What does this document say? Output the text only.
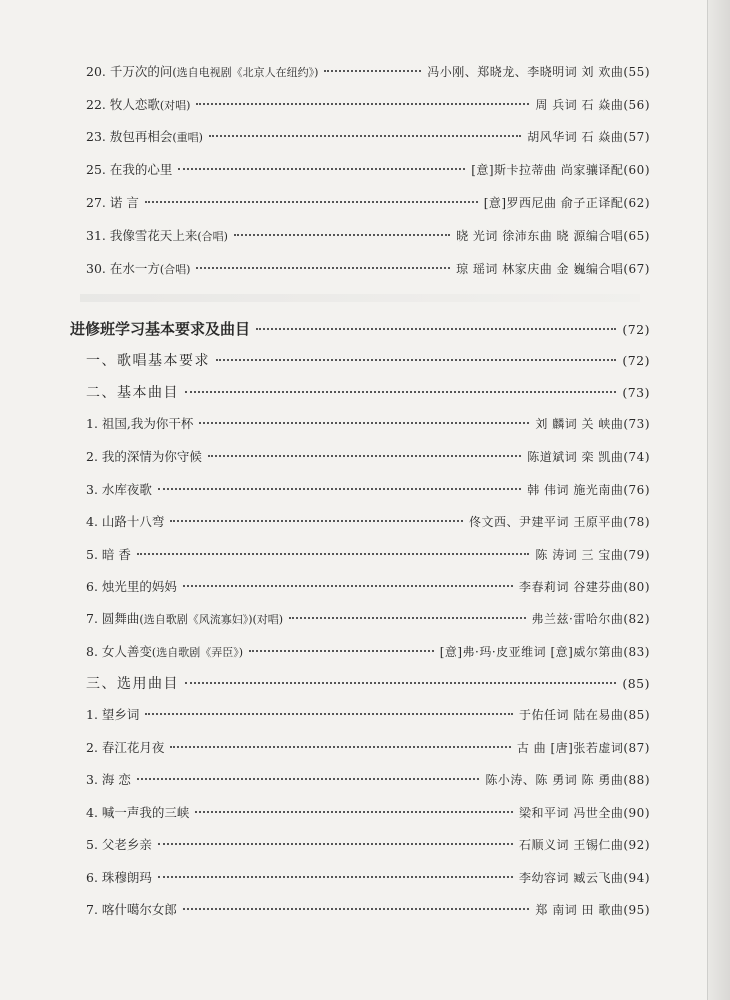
20. 千万次的问(选自电视剧《北京人在纽约》)	冯小刚、郑晓龙、李晓明词 刘 欢曲(55)
22. 牧人恋歌(对唱)	周 兵词 石 焱曲(56)
23. 敖包再相会(重唱)	胡风华词 石 焱曲(57)
25. 在我的心里	[意]斯卡拉蒂曲 尚家骧译配(60)
27. 诺 言	[意]罗西尼曲 俞子正译配(62)
31. 我像雪花天上来(合唱)	晓 光词 徐沛东曲 晓 源编合唱(65)
30. 在水一方(合唱)	琼 瑶词 林家庆曲 金 巍编合唱(67)
进修班学习基本要求及曲目	(72)
一、歌唱基本要求	(72)
二、基本曲目	(73)
1. 祖国,我为你干杯	刘 麟词 关 峡曲(73)
2. 我的深情为你守候	陈道斌词 栾 凯曲(74)
3. 水库夜歌	韩 伟词 施光南曲(76)
4. 山路十八弯	佟文西、尹建平词 王原平曲(78)
5. 暗 香	陈 涛词 三 宝曲(79)
6. 烛光里的妈妈	李春莉词 谷建芬曲(80)
7. 圆舞曲(选自歌剧《风流寡妇》)(对唱)	弗兰兹·雷哈尔曲(82)
8. 女人善变(选自歌剧《弄臣》)	[意]弗·玛·皮亚维词 [意]威尔第曲(83)
三、选用曲目	(85)
1. 望乡词	于佑任词 陆在易曲(85)
2. 春江花月夜	古 曲 [唐]张若虚词(87)
3. 海 恋	陈小涛、陈 勇词 陈 勇曲(88)
4. 喊一声我的三峡	梁和平词 冯世全曲(90)
5. 父老乡亲	石顺义词 王锡仁曲(92)
6. 珠穆朗玛	李幼容词 臧云飞曲(94)
7. 喀什噶尔女郎	郑 南词 田 歌曲(95)
